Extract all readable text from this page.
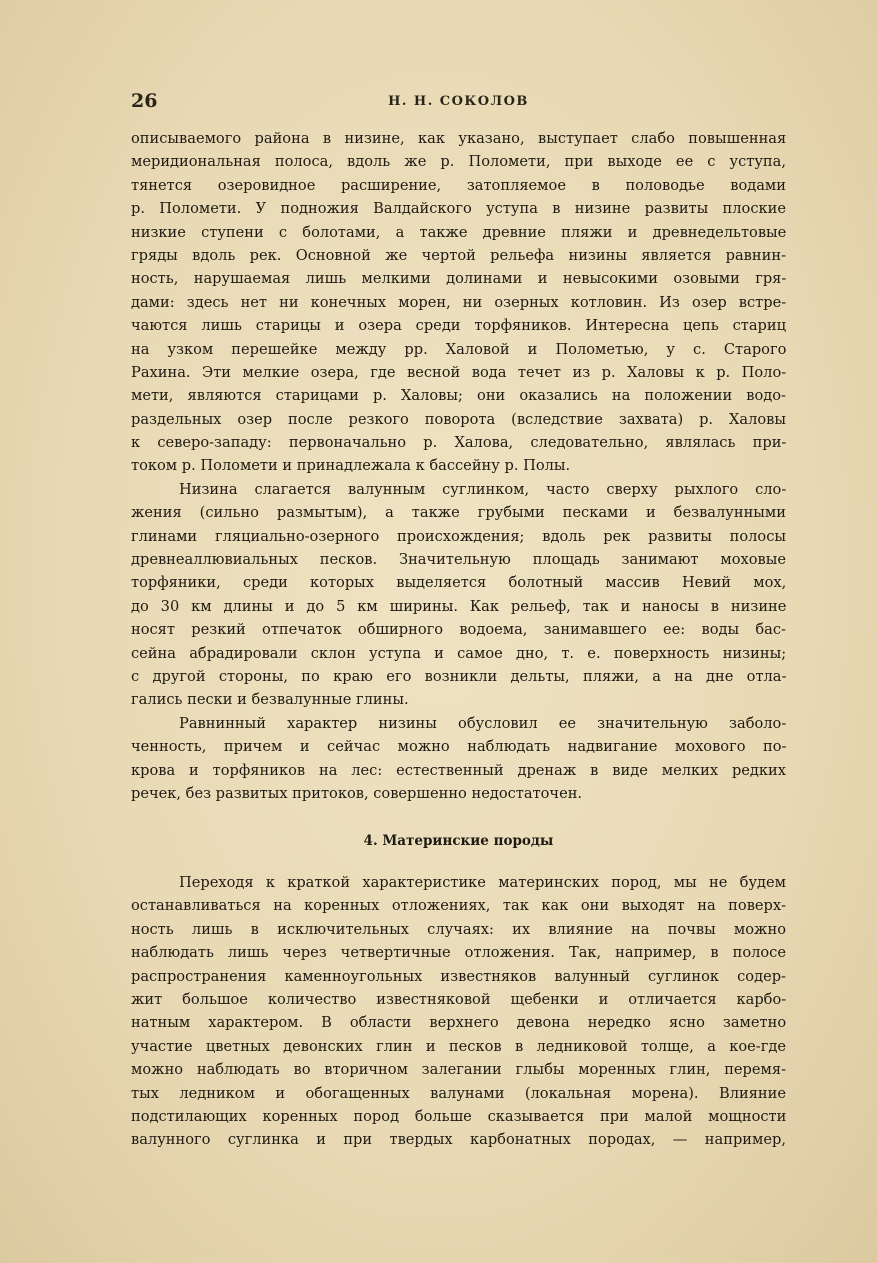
26	Н. Н. СОКОЛОВ
описываемого района в низине, как указано, выступает слабо повышенная
меридиональная полоса, вдоль же р. Пoлoмети, при выходе ее с уступа,
тянется озеровидное расширение, затопляемое в половодье водами
р. Пoлoмети. У подножия Валдайского уступа в низине развиты плоские
низкие ступени с болотами, а также древние пляжи и древнедельтовые
гряды вдоль рек. Основной же чертой рельефа низины является равнин-
ность, нарушаемая лишь мелкими долинами и невысокими озовыми гря-
дами: здесь нет ни конечных морен, ни озерных котловин. Из озер встре-
чаются лишь старицы и озера среди торфяников. Интересна цепь стариц
на узком перешейке между рр. Халовой и Пoлoметью, у с. Старого
Рахина. Эти мелкие озера, где весной вода течет из р. Халовы к р. Поло-
мети, являются старицами р. Халовы; они оказались на положении водо-
раздельных озер после резкого поворота (вследствие захвата) р. Халовы
к северо-западу: первоначально р. Халова, следовательно, являлась при-
током р. Пoлoмети и принадлежала к бассейну р. Полы.
Низина слагается валунным суглинком, часто сверху рыхлого сло-
жения (сильно размытым), а также грубыми песками и безвалунными
глинами гляциально-озерного происхождения; вдоль рек развиты полосы
древнеаллювиальных песков. Значительную площадь занимают моховые
торфяники, среди которых выделяется болотный массив Невий мох,
до 30 км длины и до 5 км ширины. Как рельеф, так и наносы в низине
носят резкий отпечаток обширного водоема, занимавшего ее: воды бас-
сейна абрадировали склон уступа и самое дно, т. е. поверхность низины;
с другой стороны, по краю его возникли дельты, пляжи, а на дне отла-
гались пески и безвалунные глины.
Равнинный характер низины обусловил ее значительную заболо-
ченность, причем и сейчас можно наблюдать надвигание мохового по-
крова и торфяников на лес: естественный дренаж в виде мелких редких
речек, без развитых притоков, совершенно недостаточен.
4. Материнские породы
Переходя к краткой характеристике материнских пород, мы не будем
останавливаться на коренных отложениях, так как они выходят на поверх-
ность лишь в исключительных случаях: их влияние на почвы можно
наблюдать лишь через четвертичные отложения. Так, например, в полосе
распространения каменноугольных известняков валунный суглинок содер-
жит большое количество известняковой щебенки и отличается карбо-
натным характером. В области верхнего девона нередко ясно заметно
участие цветных девонских глин и песков в ледниковой толще, а кое-где
можно наблюдать во вторичном залегании глыбы моренных глин, перемя-
тых ледником и обогащенных валунами (локальная морена). Влияние
подстилающих коренных пород больше сказывается при малой мощности
валунного суглинка и при твердых карбонатных породах, — например,
